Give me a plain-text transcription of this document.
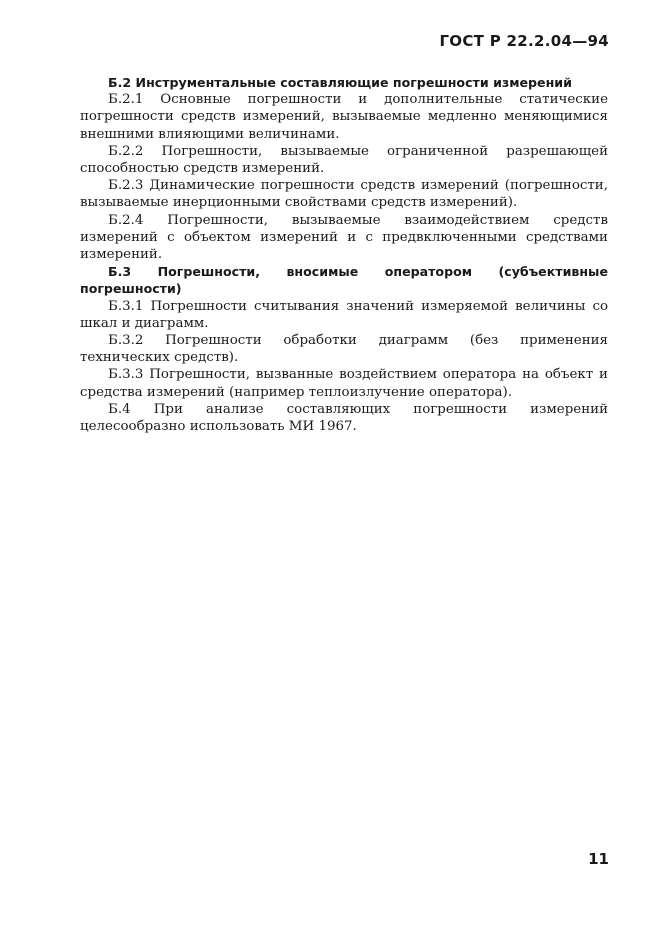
ГОСТ Р 22.2.04—94

Б.2 Инструментальные составляющие погрешности измерений

Б.2.1 Основные погрешности и дополнительные статические погрешности средств измерений, вызываемые медленно меняющимися внешними влияющими величинами.

Б.2.2 Погрешности, вызываемые ограниченной разрешающей способностью средств измерений.

Б.2.3 Динамические погрешности средств измерений (погрешности, вызываемые инерционными свойствами средств измерений).

Б.2.4 Погрешности, вызываемые взаимодействием средств измерений с объектом измерений и с предвключенными средствами измерений.

Б.3 Погрешности, вносимые оператором (субъективные погрешности)

Б.3.1 Погрешности считывания значений измеряемой величины со шкал и диаграмм.

Б.3.2 Погрешности обработки диаграмм (без применения технических средств).

Б.3.3 Погрешности, вызванные воздействием оператора на объект и средства измерений (например теплоизлучение оператора).

Б.4 При анализе составляющих погрешности измерений целесообразно использовать МИ 1967.

11
